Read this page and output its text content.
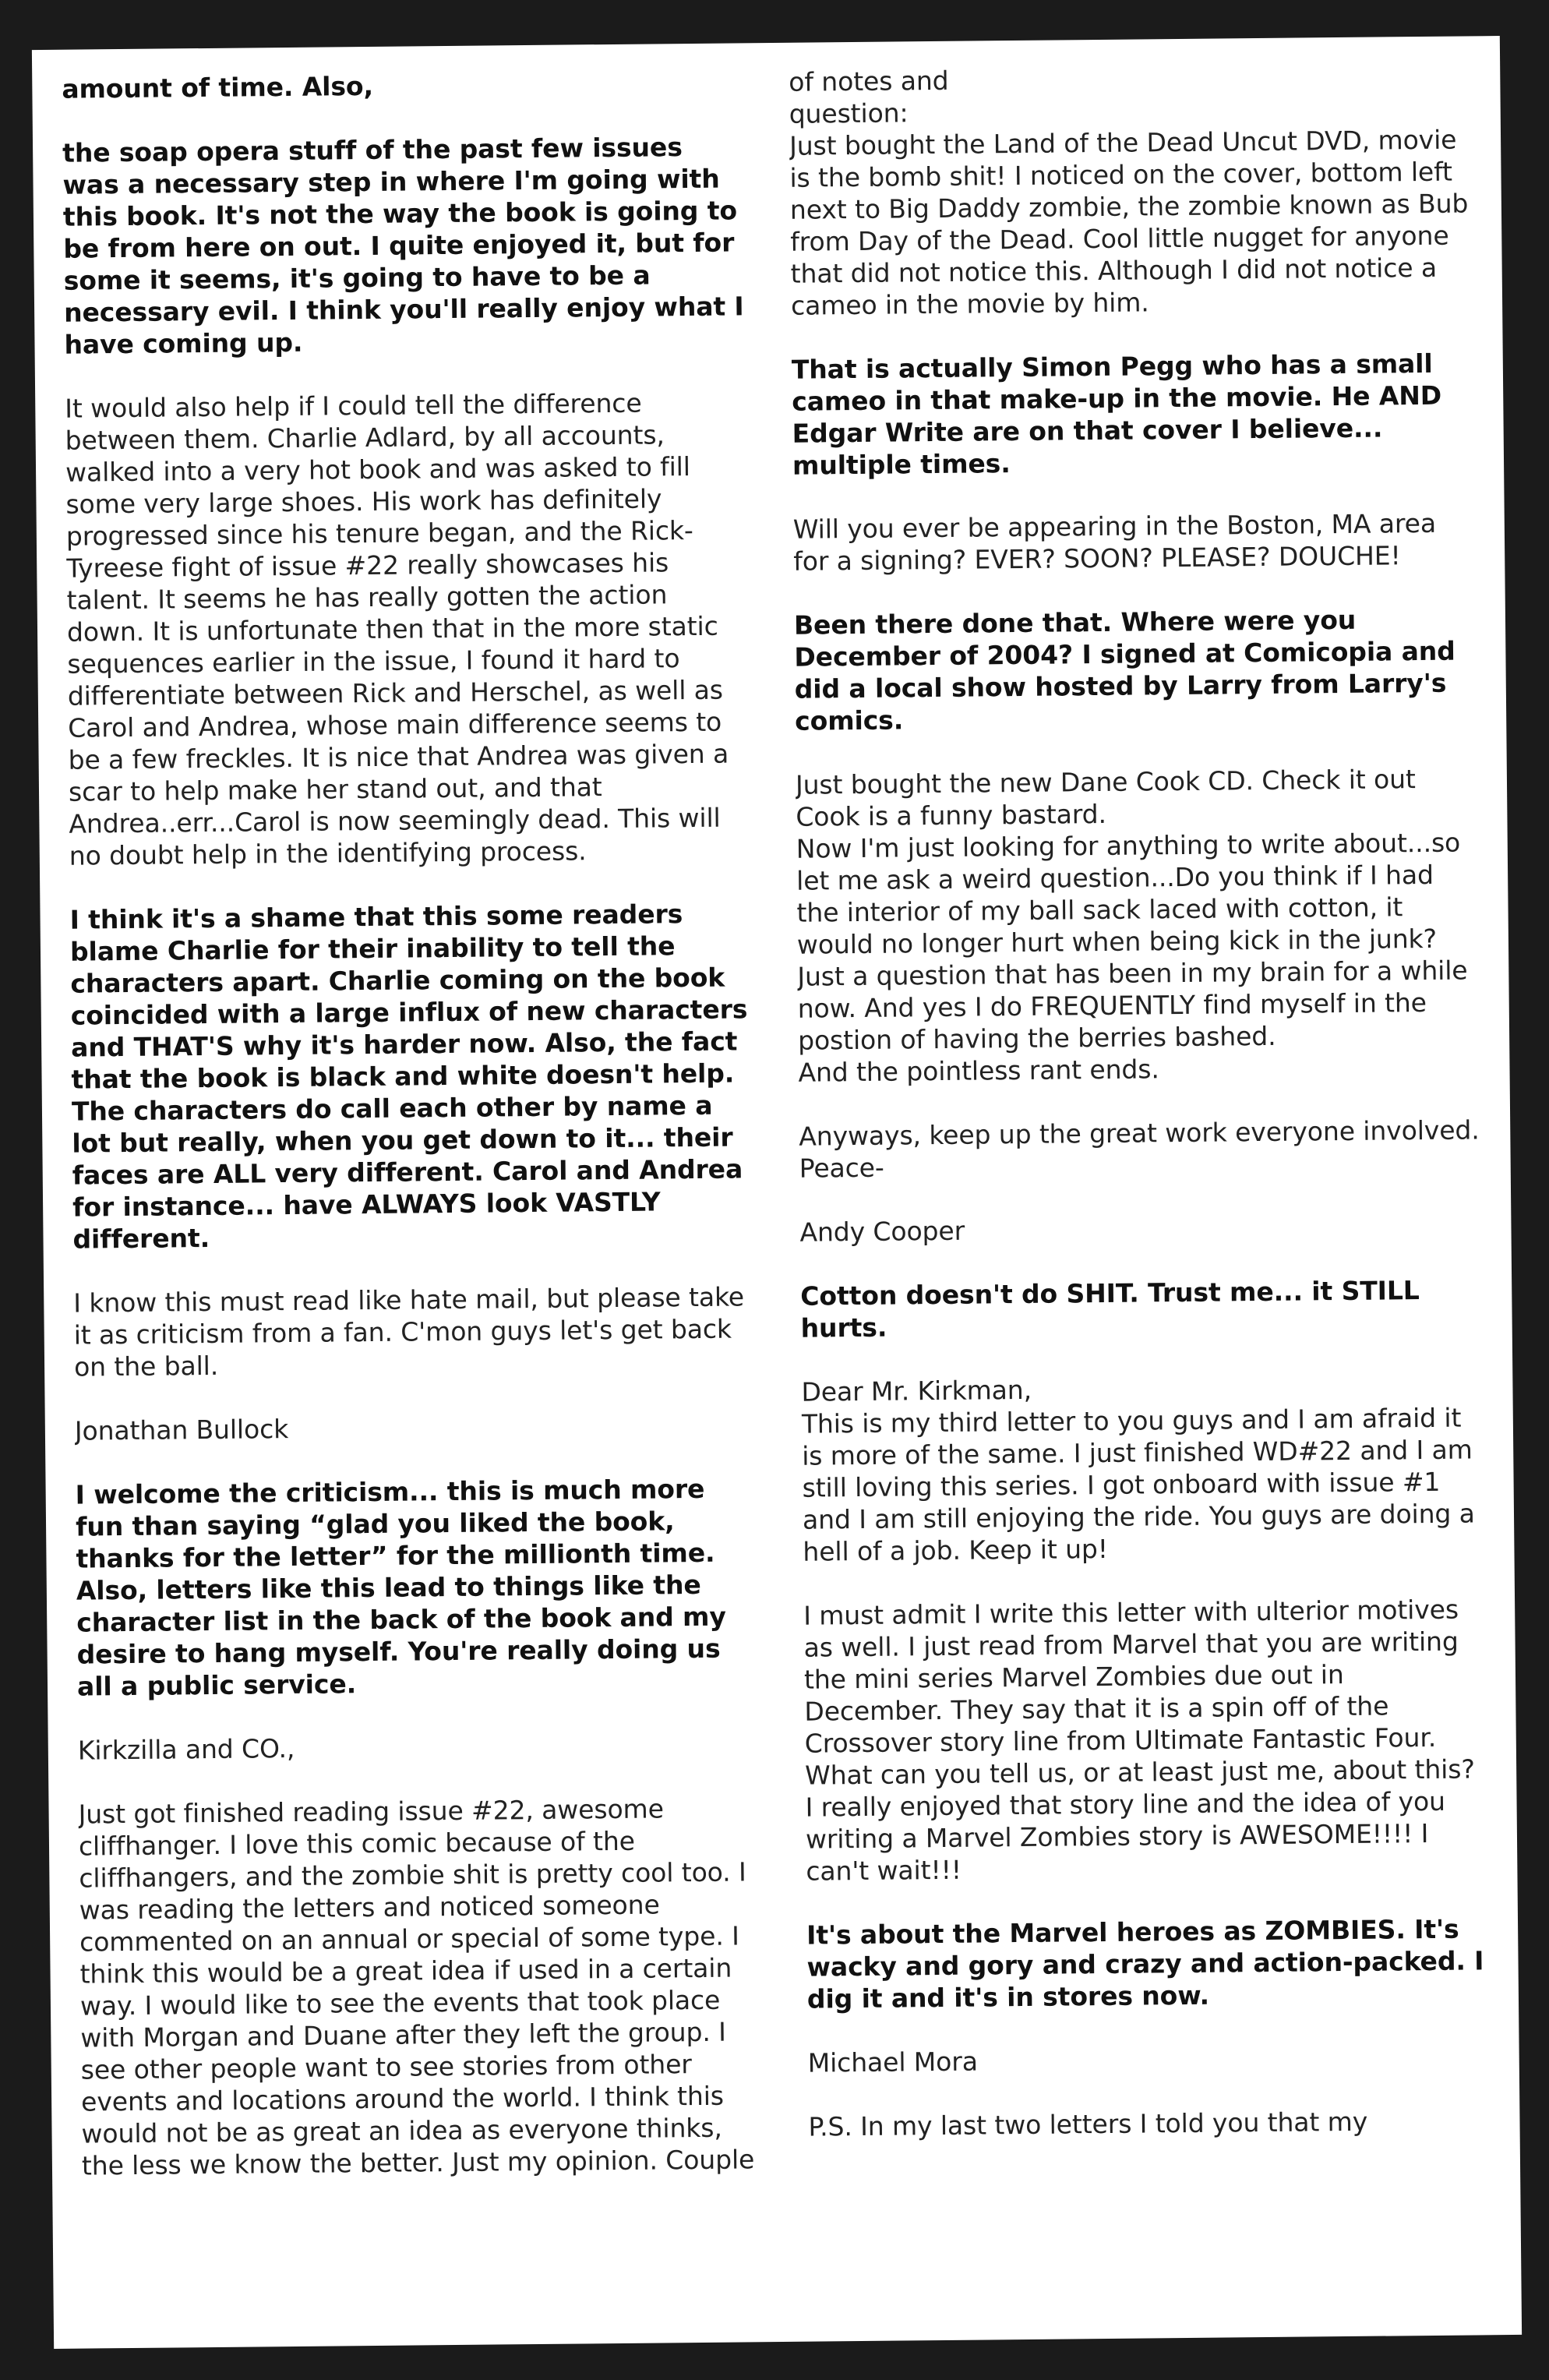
amount of time. Also,

the soap opera stuff of the past few issues was a necessary step in where I'm going with this book. It's not the way the book is going to be from here on out. I quite enjoyed it, but for some it seems, it's going to have to be a necessary evil. I think you'll really enjoy what I have coming up.

It would also help if I could tell the difference between them. Charlie Adlard, by all accounts, walked into a very hot book and was asked to fill some very large shoes. His work has definitely progressed since his tenure began, and the Rick-Tyreese fight of issue #22 really showcases his talent. It seems he has really gotten the action down. It is unfortunate then that in the more static sequences earlier in the issue, I found it hard to differentiate between Rick and Herschel, as well as Carol and Andrea, whose main difference seems to be a few freckles. It is nice that Andrea was given a scar to help make her stand out, and that Andrea..err...Carol is now seemingly dead. This will no doubt help in the identifying process.

I think it's a shame that this some readers blame Charlie for their inability to tell the characters apart. Charlie coming on the book coincided with a large influx of new characters and THAT'S why it's harder now. Also, the fact that the book is black and white doesn't help. The characters do call each other by name a lot but really, when you get down to it... their faces are ALL very different. Carol and Andrea for instance... have ALWAYS look VASTLY different.

I know this must read like hate mail, but please take it as criticism from a fan. C'mon guys let's get back on the ball.

Jonathan Bullock

I welcome the criticism... this is much more fun than saying “glad you liked the book, thanks for the letter” for the millionth time. Also, letters like this lead to things like the character list in the back of the book and my desire to hang myself. You're really doing us all a public service.

Kirkzilla and CO.,

Just got finished reading issue #22, awesome cliffhanger. I love this comic because of the cliffhangers, and the zombie shit is pretty cool too. I was reading the letters and noticed someone commented on an annual or special of some type. I think this would be a great idea if used in a certain way. I would like to see the events that took place with Morgan and Duane after they left the group. I see other people want to see stories from other events and locations around the world. I think this would not be as great an idea as everyone thinks, the less we know the better. Just my opinion. Couple

of notes and
question:
Just bought the Land of the Dead Uncut DVD, movie is the bomb shit! I noticed on the cover, bottom left next to Big Daddy zombie, the zombie known as Bub from Day of the Dead. Cool little nugget for anyone that did not notice this. Although I did not notice a cameo in the movie by him.

That is actually Simon Pegg who has a small cameo in that make-up in the movie. He AND Edgar Write are on that cover I believe... multiple times.

Will you ever be appearing in the Boston, MA area for a signing? EVER? SOON? PLEASE? DOUCHE!

Been there done that. Where were you December of 2004? I signed at Comicopia and did a local show hosted by Larry from Larry's comics.

Just bought the new Dane Cook CD. Check it out Cook is a funny bastard.
Now I'm just looking for anything to write about...so let me ask a weird question...Do you think if I had the interior of my ball sack laced with cotton, it would no longer hurt when being kick in the junk? Just a question that has been in my brain for a while now. And yes I do FREQUENTLY find myself in the postion of having the berries bashed.
And the pointless rant ends.

Anyways, keep up the great work everyone involved. Peace-

Andy Cooper

Cotton doesn't do SHIT. Trust me... it STILL hurts.

Dear Mr. Kirkman,
This is my third letter to you guys and I am afraid it is more of the same. I just finished WD#22 and I am still loving this series. I got onboard with issue #1 and I am still enjoying the ride. You guys are doing a hell of a job. Keep it up!

I must admit I write this letter with ulterior motives as well. I just read from Marvel that you are writing the mini series Marvel Zombies due out in December. They say that it is a spin off of the Crossover story line from Ultimate Fantastic Four. What can you tell us, or at least just me, about this? I really enjoyed that story line and the idea of you writing a Marvel Zombies story is AWESOME!!!! I can't wait!!!

It's about the Marvel heroes as ZOMBIES. It's wacky and gory and crazy and action-packed. I dig it and it's in stores now.

Michael Mora

P.S. In my last two letters I told you that my
